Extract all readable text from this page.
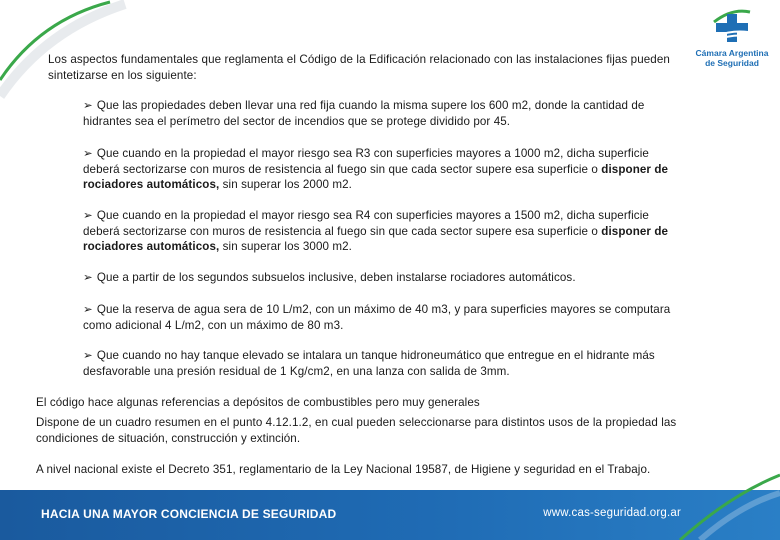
Cámara Argentina
de Seguridad
Los aspectos fundamentales que reglamenta el Código de la Edificación relacionado con las instalaciones fijas pueden sintetizarse en los siguiente:
➢ Que las propiedades deben llevar una red fija cuando la misma supere los 600 m2, donde la cantidad de hidrantes sea el perímetro del sector de incendios que se protege dividido por 45.
➢ Que cuando en la propiedad el mayor riesgo sea R3 con superficies mayores a 1000 m2, dicha superficie deberá sectorizarse con muros de resistencia al fuego sin que cada sector supere esa superficie o disponer de rociadores automáticos, sin superar los 2000 m2.
➢ Que cuando en la propiedad el mayor riesgo sea R4 con superficies mayores a 1500 m2, dicha superficie deberá sectorizarse con muros de resistencia al fuego sin que cada sector supere esa superficie o disponer de rociadores automáticos, sin superar los 3000 m2.
➢ Que a partir de los segundos subsuelos inclusive, deben instalarse rociadores automáticos.
➢ Que la reserva de agua sera de 10 L/m2, con un máximo de 40 m3, y para superficies mayores se computara como adicional 4 L/m2, con un máximo de 80 m3.
➢ Que cuando no hay tanque elevado se intalara un tanque hidroneumático que entregue en el hidrante más desfavorable una presión residual de 1 Kg/cm2, en una lanza con salida de 3mm.
El código hace algunas referencias a depósitos de combustibles pero muy generales
Dispone de un cuadro resumen en el punto 4.12.1.2, en cual pueden seleccionarse para distintos usos de la propiedad las condiciones de situación, construcción y extinción.
A nivel nacional existe el Decreto 351, reglamentario de la Ley Nacional 19587, de Higiene y seguridad en el Trabajo.
HACIA UNA MAYOR CONCIENCIA DE SEGURIDAD	www.cas-seguridad.org.ar
